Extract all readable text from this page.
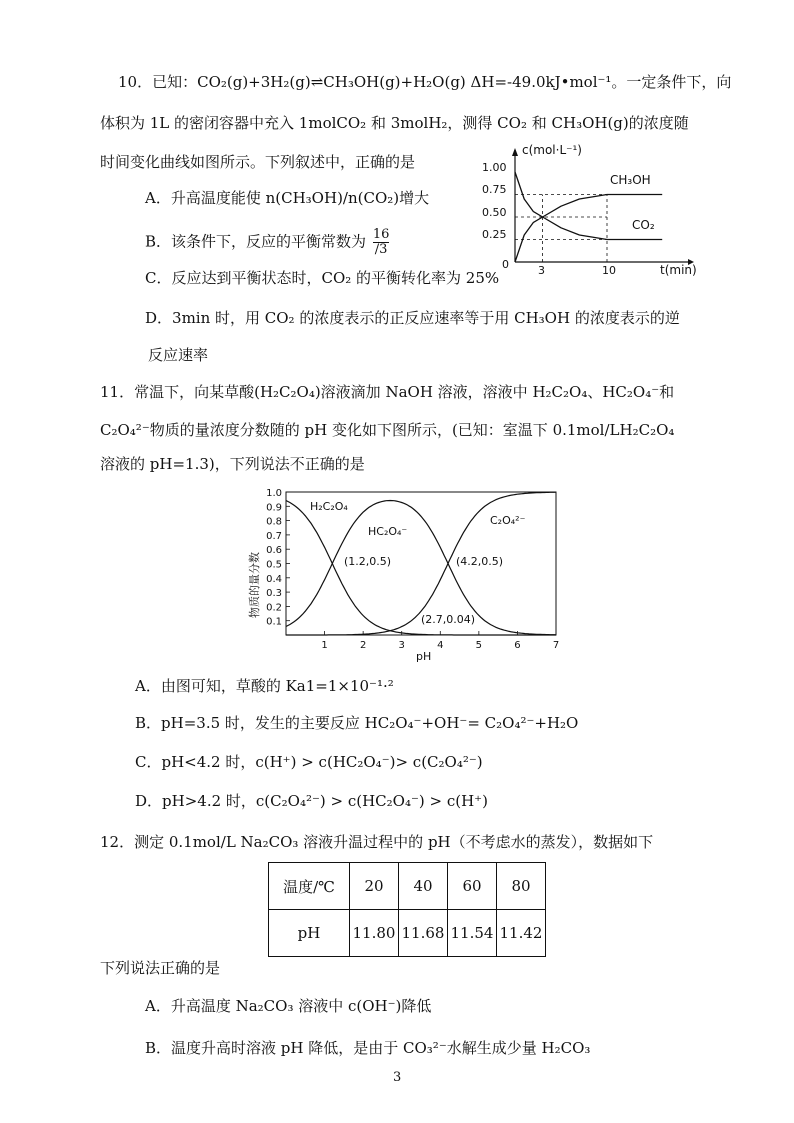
10．已知：CO₂(g)+3H₂(g)⇌CH₃OH(g)+H₂O(g) ΔH=-49.0kJ•mol⁻¹。一定条件下，向
体积为 1L 的密闭容器中充入 1molCO₂ 和 3molH₂，测得 CO₂ 和 CH₃OH(g)的浓度随
时间变化曲线如图所示。下列叙述中，正确的是
A．升高温度能使 n(CH₃OH)/n(CO₂)增大
B．该条件下，反应的平衡常数为 $\frac{16}{/3}$
C．反应达到平衡状态时，CO₂ 的平衡转化率为 25%
D．3min 时，用 CO₂ 的浓度表示的正反应速率等于用 CH₃OH 的浓度表示的逆
反应速率
c(mol·L⁻¹)
t(min)
0
1.00
0.75
0.50
0.25
3	10
CH₃OH
CO₂
11．常温下，向某草酸(H₂C₂O₄)溶液滴加 NaOH 溶液，溶液中 H₂C₂O₄、HC₂O₄⁻和
C₂O₄²⁻物质的量浓度分数随的 pH 变化如下图所示，(已知：室温下 0.1mol/LH₂C₂O₄
溶液的 pH=1.3)，下列说法不正确的是
物质的量分数
pH
1.0
0.9
0.8
0.7
0.6
0.5
0.4
0.3
0.2
0.1
1	2	3	4	5	6	7
H₂C₂O₄
HC₂O₄⁻
C₂O₄²⁻
(1.2,0.5)	(4.2,0.5)
(2.7,0.04)
A．由图可知，草酸的 Ka1=1×10⁻¹·²
B．pH=3.5 时，发生的主要反应 HC₂O₄⁻+OH⁻= C₂O₄²⁻+H₂O
C．pH<4.2 时，c(H⁺) > c(HC₂O₄⁻)> c(C₂O₄²⁻)
D．pH>4.2 时，c(C₂O₄²⁻) > c(HC₂O₄⁻) > c(H⁺)
12．测定 0.1mol/L Na₂CO₃ 溶液升温过程中的 pH（不考虑水的蒸发），数据如下
温度/℃	20	40	60	80
pH	11.80	11.68	11.54	11.42
下列说法正确的是
A．升高温度 Na₂CO₃ 溶液中 c(OH⁻)降低
B．温度升高时溶液 pH 降低，是由于 CO₃²⁻水解生成少量 H₂CO₃
3
